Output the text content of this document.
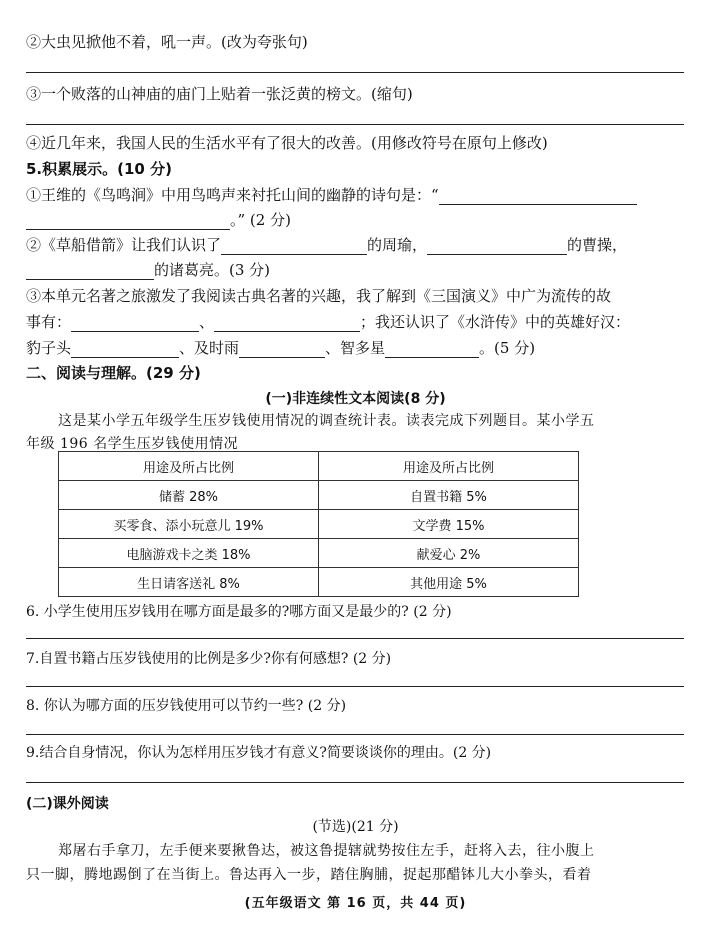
②大虫见掀他不着，吼一声。(改为夸张句)
③一个败落的山神庙的庙门上贴着一张泛黄的榜文。(缩句)
④近几年来，我国人民的生活水平有了很大的改善。(用修改符号在原句上修改)
5.积累展示。(10 分)
①王维的《鸟鸣涧》中用鸟鸣声来衬托山间的幽静的诗句是：“
。” (2 分)
②《草船借箭》让我们认识了	的周瑜，	的曹操，
的诸葛亮。(3 分)
③本单元名著之旅激发了我阅读古典名著的兴趣，我了解到《三国演义》中广为流传的故
事有：	、	；我还认识了《水浒传》中的英雄好汉：
豹子头	、及时雨	、智多星	。(5 分)
二、阅读与理解。(29 分)
(一)非连续性文本阅读(8 分)
这是某小学五年级学生压岁钱使用情况的调查统计表。读表完成下列题目。某小学五
年级 196 名学生压岁钱使用情况
用途及所占比例	用途及所占比例
储蓄 28%	自置书籍 5%
买零食、添小玩意儿 19%	文学费 15%
电脑游戏卡之类 18%	献爱心 2%
生日请客送礼 8%	其他用途 5%
6. 小学生使用压岁钱用在哪方面是最多的?哪方面又是最少的? (2 分)
7.自置书籍占压岁钱使用的比例是多少?你有何感想? (2 分)
8. 你认为哪方面的压岁钱使用可以节约一些? (2 分)
9.结合自身情况，你认为怎样用压岁钱才有意义?简要谈谈你的理由。(2 分)
(二)课外阅读
(节选)(21 分)
郑屠右手拿刀，左手便来要揪鲁达，被这鲁提辖就势按住左手，赶将入去，往小腹上
只一脚，腾地踢倒了在当街上。鲁达再入一步，踏住胸脯，捉起那醋钵儿大小拳头，看着
(五年级语文 第 16 页，共 44 页)
